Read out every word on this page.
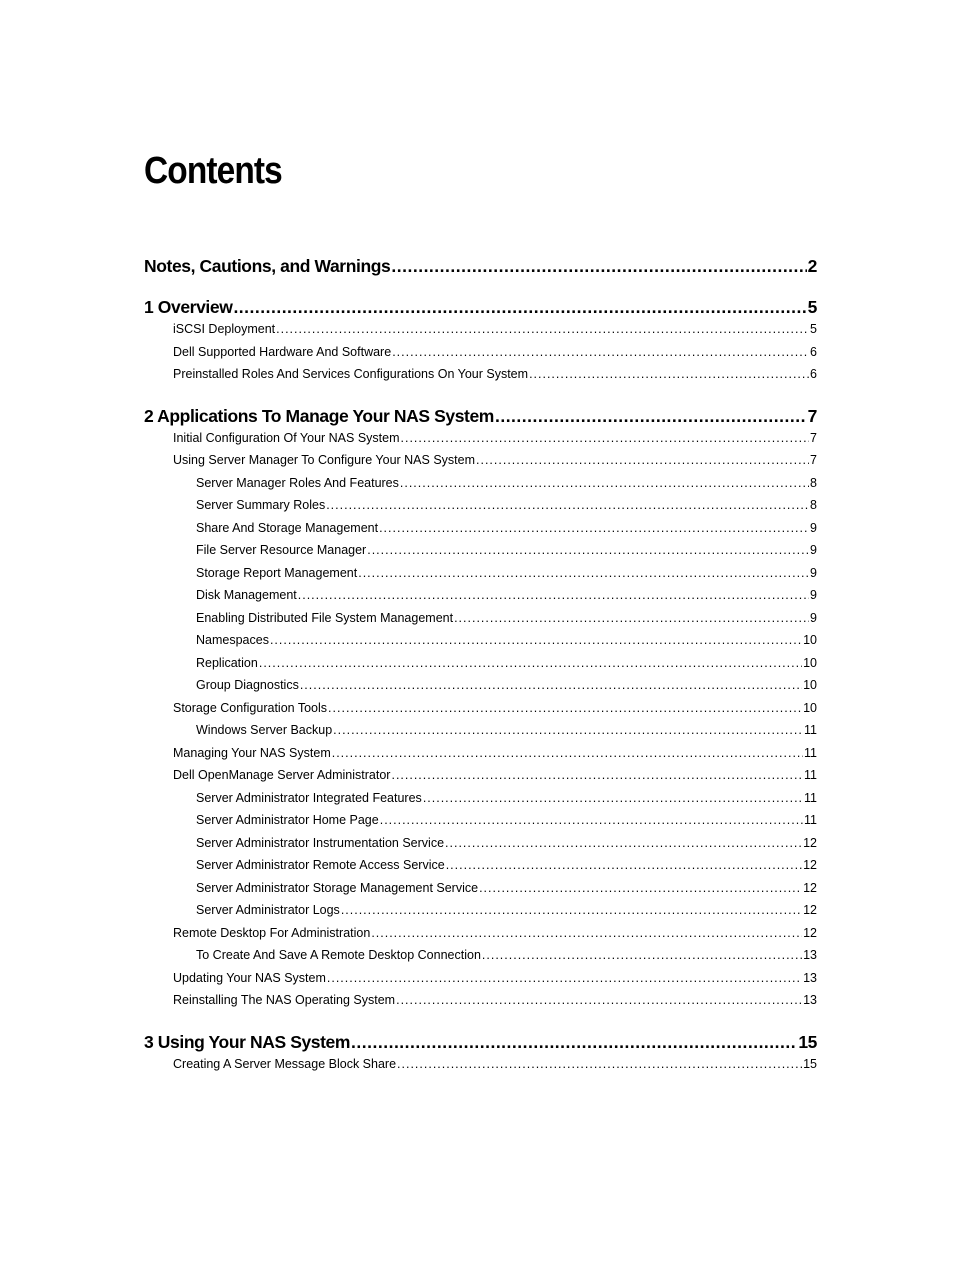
Contents
Notes, Cautions, and Warnings .....	2
1 Overview .....	5
iSCSI Deployment .....	5
Dell Supported Hardware And Software .....	6
Preinstalled Roles And Services Configurations On Your System .....	6
2 Applications To Manage Your NAS System .....	7
Initial Configuration Of Your NAS System .....	7
Using Server Manager To Configure Your NAS System .....	7
Server Manager Roles And Features .....	8
Server Summary Roles .....	8
Share And Storage Management .....	9
File Server Resource Manager .....	9
Storage Report Management .....	9
Disk Management .....	9
Enabling Distributed File System Management .....	9
Namespaces .....	10
Replication .....	10
Group Diagnostics .....	10
Storage Configuration Tools .....	10
Windows Server Backup .....	11
Managing Your NAS System .....	11
Dell OpenManage Server Administrator .....	11
Server Administrator Integrated Features .....	11
Server Administrator Home Page .....	11
Server Administrator Instrumentation Service .....	12
Server Administrator Remote Access Service .....	12
Server Administrator Storage Management Service .....	12
Server Administrator Logs .....	12
Remote Desktop For Administration .....	12
To Create And Save A Remote Desktop Connection .....	13
Updating Your NAS System .....	13
Reinstalling The NAS Operating System .....	13
3 Using Your NAS System .....	15
Creating A Server Message Block Share .....	15
